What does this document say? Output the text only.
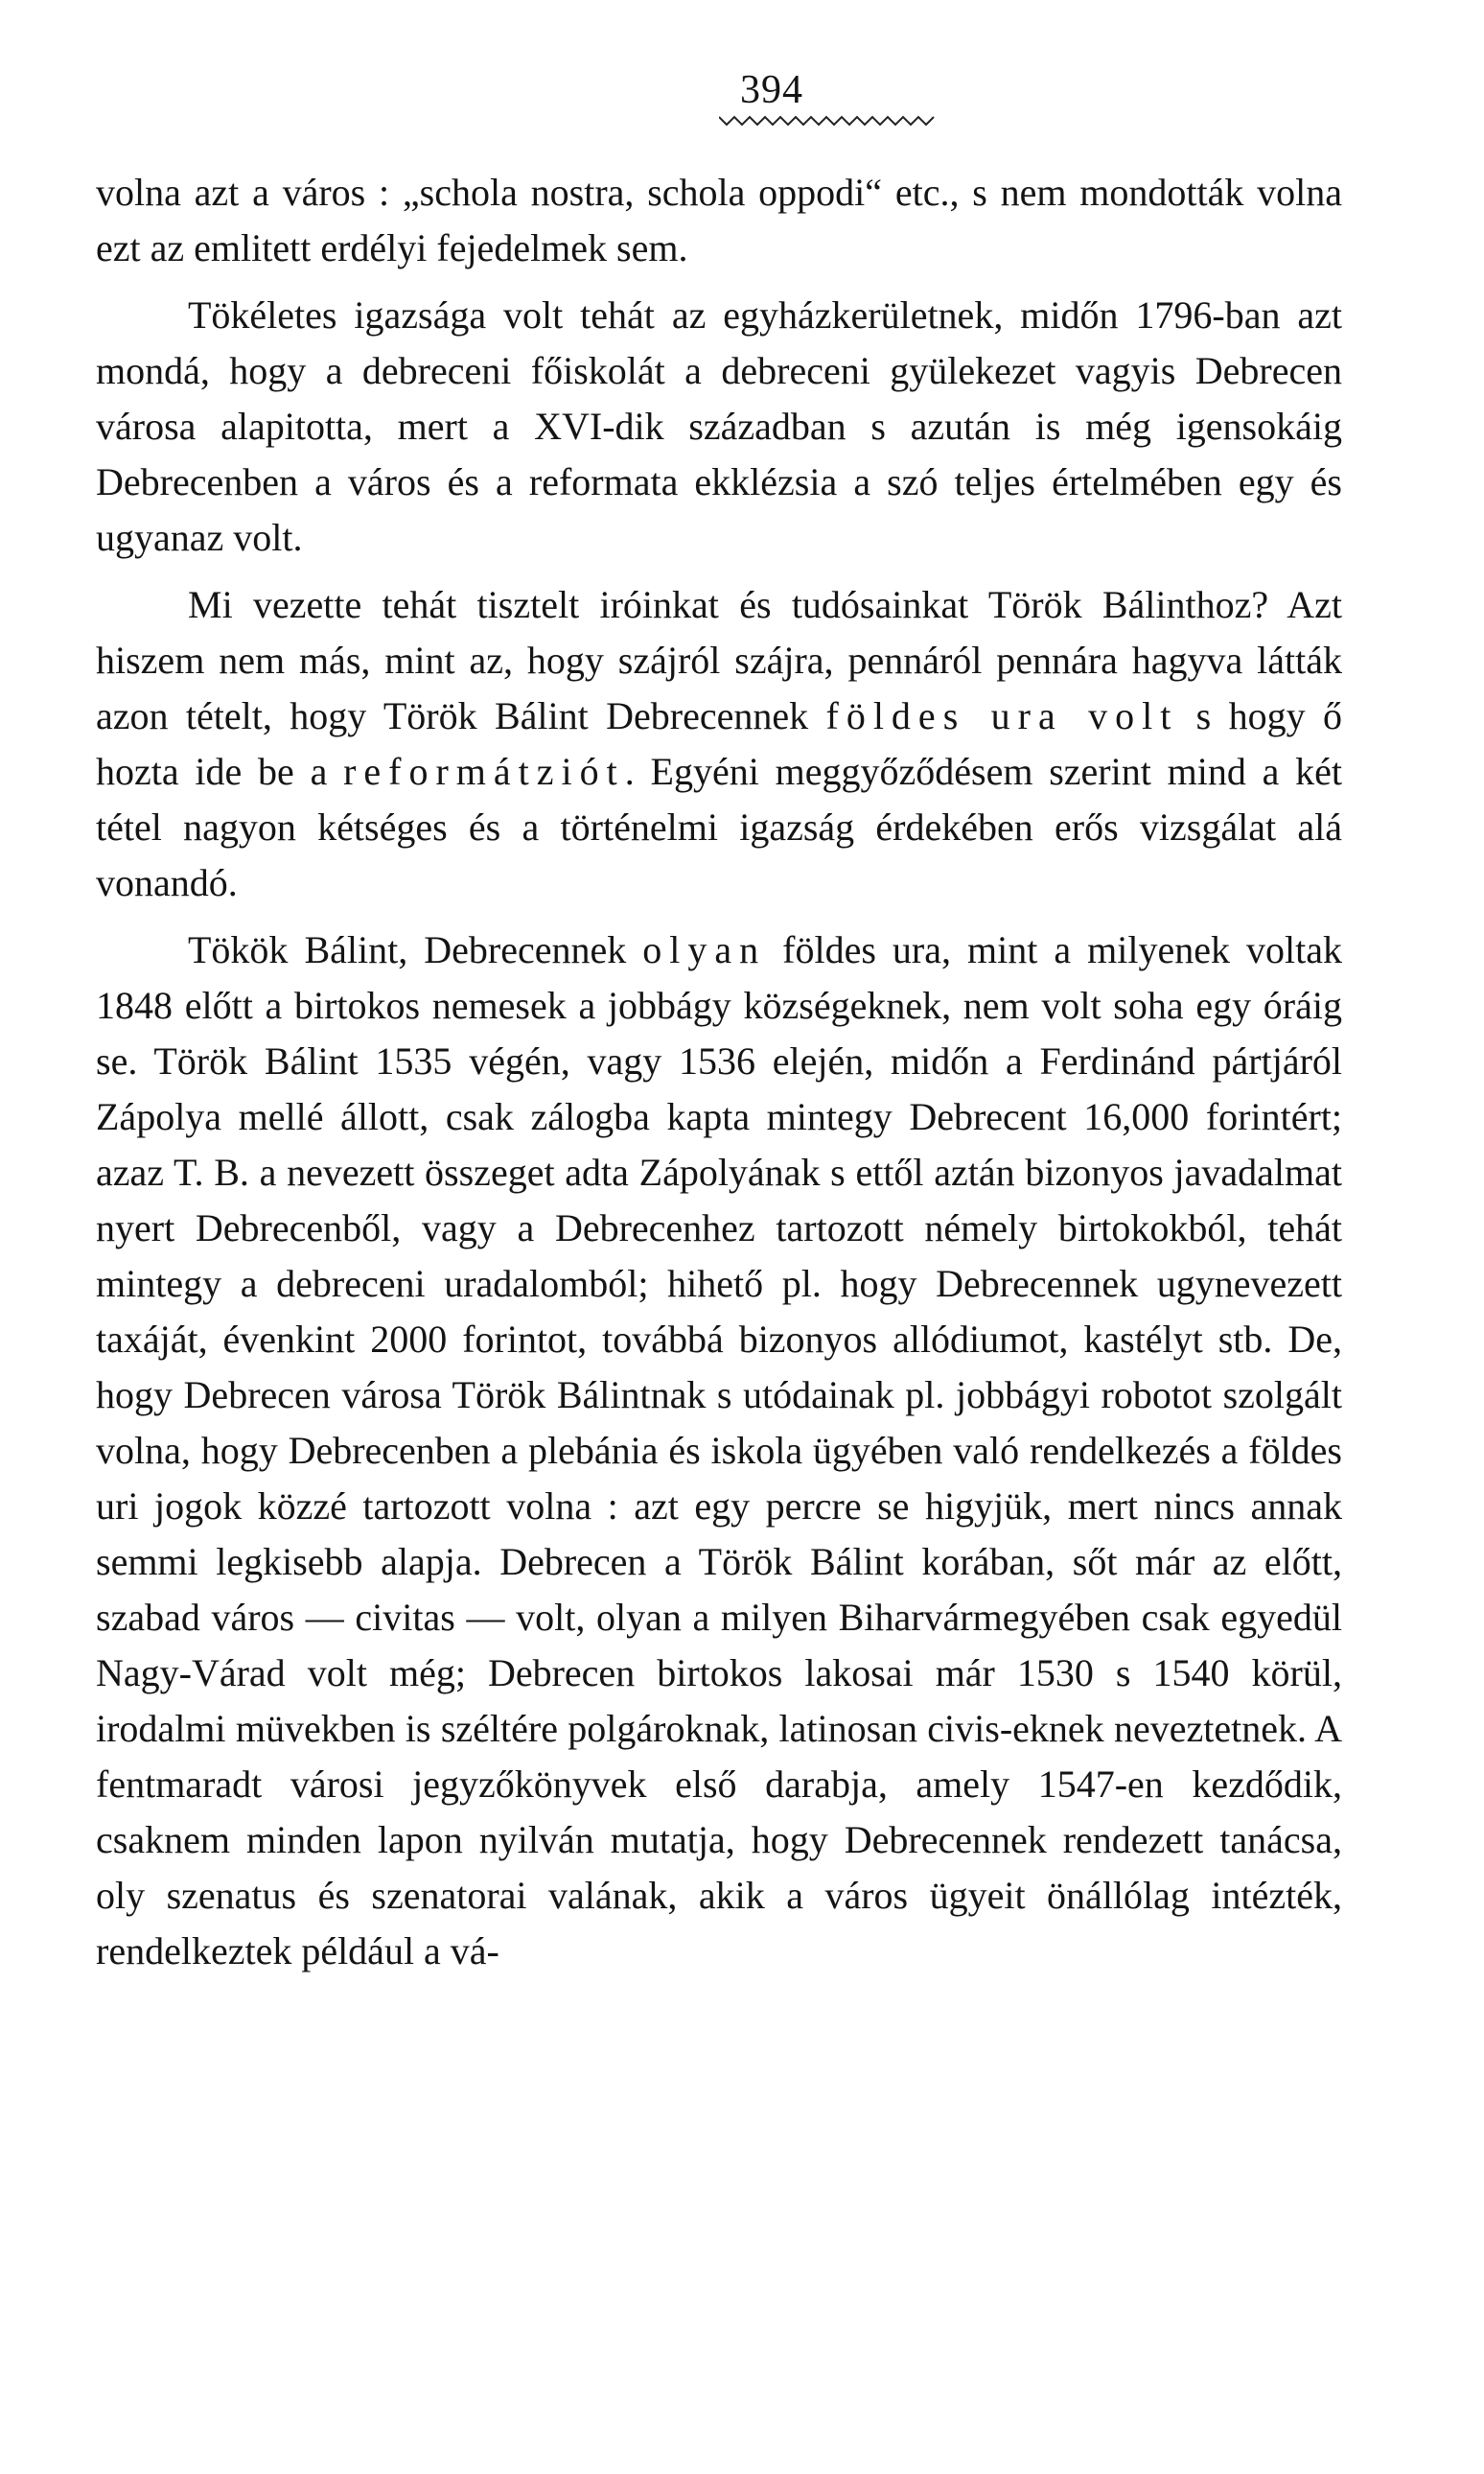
394

volna azt a város : „schola nostra, schola oppodi“ etc., s nem mondották volna ezt az emlitett erdélyi fejedelmek sem.

Tökéletes igazsága volt tehát az egyházkerületnek, midőn 1796-ban azt mondá, hogy a debreceni főiskolát a debreceni gyülekezet vagyis Debrecen városa alapitotta, mert a XVI-dik században s azután is még igensokáig Debrecenben a város és a reformata ekklézsia a szó teljes értelmében egy és ugyanaz volt.

Mi vezette tehát tisztelt iróinkat és tudósainkat Török Bálinthoz? Azt hiszem nem más, mint az, hogy szájról szájra, pennáról pennára hagyva látták azon tételt, hogy Török Bálint Debrecennek földes ura volt s hogy ő hozta ide be a reformátziót. Egyéni meggyőződésem szerint mind a két tétel nagyon kétséges és a történelmi igazság érdekében erős vizsgálat alá vonandó.

Tökök Bálint, Debrecennek olyan földes ura, mint a milyenek voltak 1848 előtt a birtokos nemesek a jobbágy községeknek, nem volt soha egy óráig se. Török Bálint 1535 végén, vagy 1536 elején, midőn a Ferdinánd pártjáról Zápolya mellé állott, csak zálogba kapta mintegy Debrecent 16,000 forintért; azaz T. B. a nevezett összeget adta Zápolyának s ettől aztán bizonyos javadalmat nyert Debrecenből, vagy a Debrecenhez tartozott némely birtokokból, tehát mintegy a debreceni uradalomból; hihető pl. hogy Debrecennek ugynevezett taxáját, évenkint 2000 forintot, továbbá bizonyos allódiumot, kastélyt stb. De, hogy Debrecen városa Török Bálintnak s utódainak pl. jobbágyi robotot szolgált volna, hogy Debrecenben a plebánia és iskola ügyében való rendelkezés a földes uri jogok közzé tartozott volna : azt egy percre se higyjük, mert nincs annak semmi legkisebb alapja. Debrecen a Török Bálint korában, sőt már az előtt, szabad város — civitas — volt, olyan a milyen Biharvármegyében csak egyedül Nagy-Várad volt még; Debrecen birtokos lakosai már 1530 s 1540 körül, irodalmi müvekben is széltére polgároknak, latinosan civis-eknek neveztetnek. A fentmaradt városi jegyzőkönyvek első darabja, amely 1547-en kezdődik, csaknem minden lapon nyilván mutatja, hogy Debrecennek rendezett tanácsa, oly szenatus és szenatorai valának, akik a város ügyeit önállólag intézték, rendelkeztek például a vá-
